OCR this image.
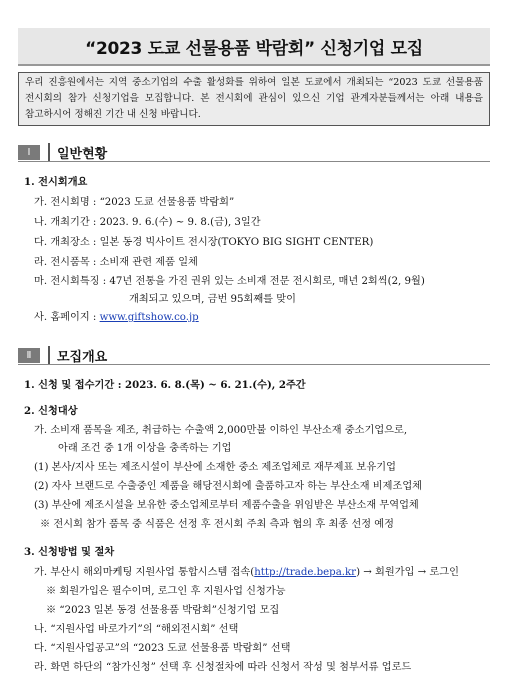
“2023 도쿄 선물용품 박람회” 신청기업 모집
우리 진흥원에서는 지역 중소기업의 수출 활성화를 위하여 일본 도쿄에서 개최되는 “2023 도쿄 선물용품 전시회의 참가 신청기업을 모집합니다. 본 전시회에 관심이 있으신 기업 관계자분들께서는 아래 내용을 참고하시어 정해진 기간 내 신청 바랍니다.
Ⅰ	일반현황
1. 전시회개요
가. 전시회명 : “2023 도쿄 선물용품 박람회”
나. 개최기간 : 2023. 9. 6.(수) ~ 9. 8.(금), 3일간
다. 개최장소 : 일본 동경 빅사이트 전시장(TOKYO BIG SIGHT CENTER)
라. 전시품목 : 소비재 관련 제품 일체
마. 전시회특징 : 47년 전통을 가진 권위 있는 소비재 전문 전시회로, 매년 2회씩(2, 9월)
개최되고 있으며, 금번 95회째를 맞이
사. 홈페이지 : www.giftshow.co.jp
Ⅱ	모집개요
1. 신청 및 접수기간 : 2023. 6. 8.(목) ~ 6. 21.(수), 2주간
2. 신청대상
가. 소비재 품목을 제조, 취급하는 수출액 2,000만불 이하인 부산소재 중소기업으로,
아래 조건 중 1개 이상을 충족하는 기업
(1) 본사/지사 또는 제조시설이 부산에 소재한 중소 제조업체로 재무제표 보유기업
(2) 자사 브랜드로 수출중인 제품을 해당전시회에 출품하고자 하는 부산소재 비제조업체
(3) 부산에 제조시설을 보유한 중소업체로부터 제품수출을 위임받은 부산소재 무역업체
※ 전시회 참가 품목 중 식품은 선정 후 전시회 주최 측과 협의 후 최종 선정 예정
3. 신청방법 및 절차
가. 부산시 해외마케팅 지원사업 통합시스템 접속(http://trade.bepa.kr) → 회원가입 → 로그인
※ 회원가입은 필수이며, 로그인 후 지원사업 신청가능
※ “2023 일본 동경 선물용품 박람회”신청기업 모집
나. “지원사업 바로가기”의 “해외전시회” 선택
다. “지원사업공고”의 “2023 도쿄 선물용품 박람회” 선택
라. 화면 하단의 “참가신청” 선택 후 신청절차에 따라 신청서 작성 및 첨부서류 업로드
